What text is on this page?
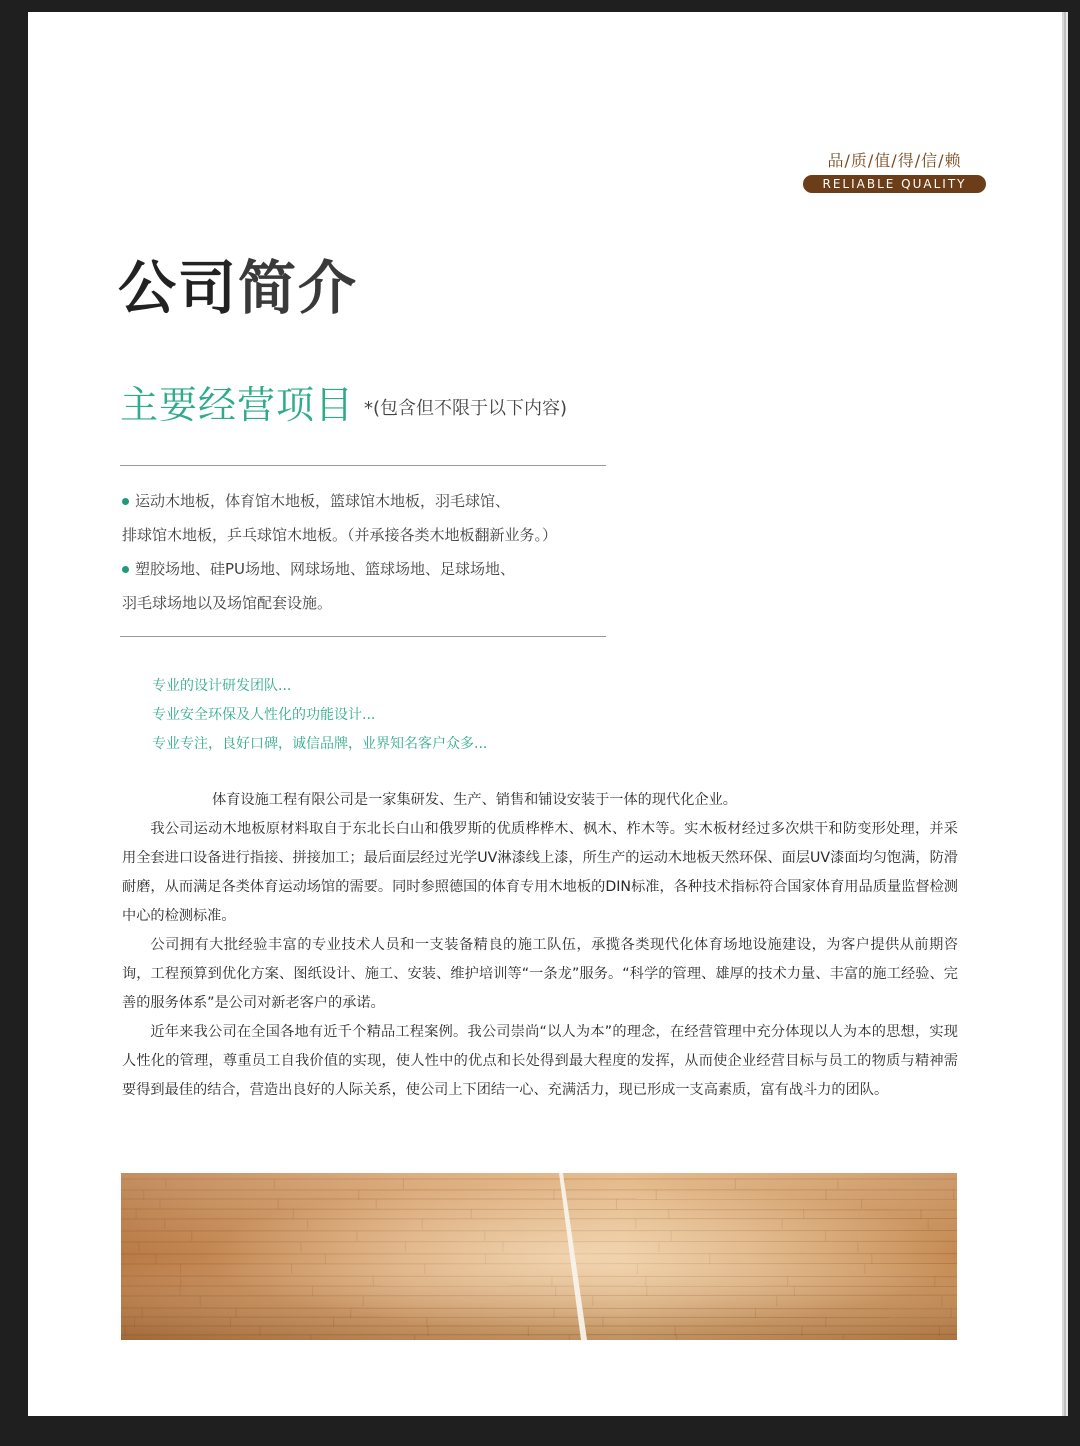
品/质/值/得/信/赖
RELIABLE QUALITY
公司简介
主要经营项目 *(包含但不限于以下内容)
运动木地板，体育馆木地板，篮球馆木地板，羽毛球馆、
排球馆木地板，乒乓球馆木地板。（并承接各类木地板翻新业务。）
塑胶场地、硅PU场地、网球场地、篮球场地、足球场地、
羽毛球场地以及场馆配套设施。
专业的设计研发团队...
专业安全环保及人性化的功能设计...
专业专注，良好口碑，诚信品牌，业界知名客户众多...

体育设施工程有限公司是一家集研发、生产、销售和铺设安装于一体的现代化企业。

我公司运动木地板原材料取自于东北长白山和俄罗斯的优质桦桦木、枫木、柞木等。实木板材经过多次烘干和防变形处理，并采用全套进口设备进行指接、拼接加工；最后面层经过光学UV淋漆线上漆，所生产的运动木地板天然环保、面层UV漆面均匀饱满，防滑耐磨，从而满足各类体育运动场馆的需要。同时参照德国的体育专用木地板的DIN标准，各种技术指标符合国家体育用品质量监督检测中心的检测标准。

公司拥有大批经验丰富的专业技术人员和一支装备精良的施工队伍，承揽各类现代化体育场地设施建设，为客户提供从前期咨询，工程预算到优化方案、图纸设计、施工、安装、维护培训等“一条龙”服务。“科学的管理、雄厚的技术力量、丰富的施工经验、完善的服务体系”是公司对新老客户的承诺。

近年来我公司在全国各地有近千个精品工程案例。我公司崇尚“以人为本”的理念，在经营管理中充分体现以人为本的思想，实现人性化的管理，尊重员工自我价值的实现，使人性中的优点和长处得到最大程度的发挥，从而使企业经营目标与员工的物质与精神需要得到最佳的结合，营造出良好的人际关系，使公司上下团结一心、充满活力，现已形成一支高素质，富有战斗力的团队。
